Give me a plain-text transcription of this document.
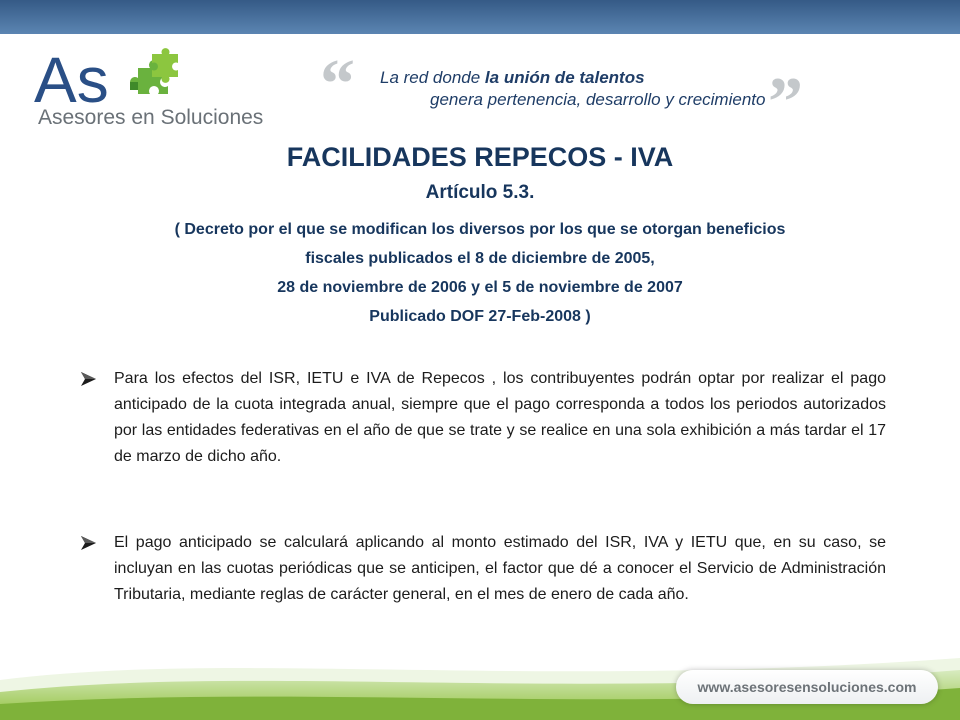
As
Asesores en Soluciones “ La red donde la unión de talentos
genera pertenencia, desarrollo y crecimiento ”
FACILIDADES REPECOS - IVA
Artículo 5.3.
( Decreto por el que se modifican los diversos por los que se otorgan beneficios
fiscales publicados el 8 de diciembre de 2005,
28 de noviembre de 2006 y el 5 de noviembre de 2007
Publicado DOF 27-Feb-2008 )
Para los efectos del ISR, IETU e IVA de Repecos , los contribuyentes podrán optar por realizar el pago anticipado de la cuota integrada anual, siempre que el pago corresponda a todos los periodos autorizados por las entidades federativas en el año de que se trate y se realice en una sola exhibición a más tardar el 17 de marzo de dicho año.
El pago anticipado se calculará aplicando al monto estimado del ISR, IVA y IETU que, en su caso, se incluyan en las cuotas periódicas que se anticipen, el factor que dé a conocer el Servicio de Administración Tributaria, mediante reglas de carácter general, en el mes de enero de cada año.
www.asesoresensoluciones.com
